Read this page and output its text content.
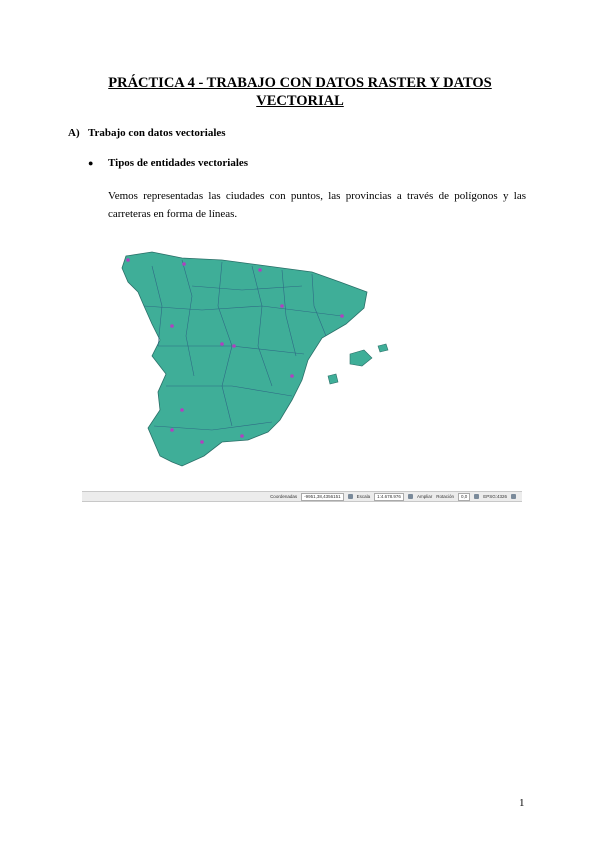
PRÁCTICA 4 - TRABAJO CON DATOS RASTER Y DATOS
VECTORIAL
A) Trabajo con datos vectoriales
● Tipos de entidades vectoriales
Vemos representadas las ciudades con puntos, las provincias a través de polígonos y las carreteras en forma de líneas.
Coordenadas	-9951,38,4356151	Escala	1:4.678.976	Ampliar Rotación	0,0	EPSG:4326
1
